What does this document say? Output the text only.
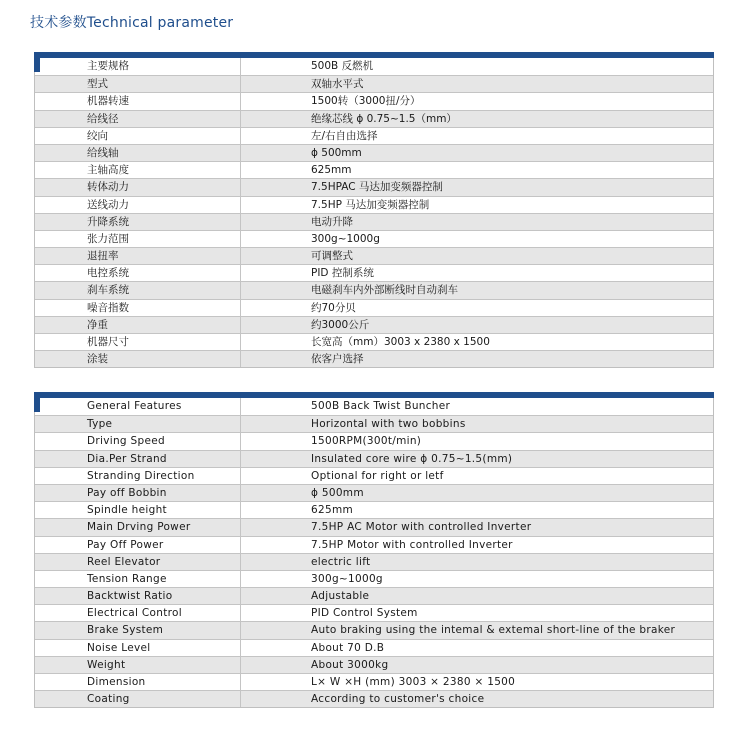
技术参数Technical parameter
主要规格	500B 反燃机
型式	双轴水平式
机器转速	1500转（3000扭/分）
给线径	绝缘芯线 ϕ 0.75~1.5（mm）
绞向	左/右自由选择
给线轴	ϕ 500mm
主轴高度	625mm
转体动力	7.5HPAC 马达加变频器控制
送线动力	7.5HP 马达加变频器控制
升降系统	电动升降
张力范围	300g~1000g
退扭率	可调整式
电控系统	PID 控制系统
刹车系统	电磁刹车内外部断线时自动刹车
噪音指数	约70分贝
净重	约3000公斤
机器尺寸	长宽高（mm）3003 x 2380 x 1500
涂装	依客户选择
General Features	500B Back Twist Buncher
Type	Horizontal with two bobbins
Driving Speed	1500RPM(300t/min)
Dia.Per Strand	Insulated core wire ϕ 0.75~1.5(mm)
Stranding Direction	Optional for right or letf
Pay off Bobbin	ϕ 500mm
Spindle height	625mm
Main Drving Power	7.5HP AC Motor with controlled Inverter
Pay Off Power	7.5HP Motor with controlled Inverter
Reel Elevator	electric lift
Tension Range	300g~1000g
Backtwist Ratio	Adjustable
Electrical Control	PID Control System
Brake System	Auto braking using the intemal & extemal short-line of the braker
Noise Level	About 70 D.B
Weight	About 3000kg
Dimension	L× W ×H (mm) 3003 × 2380 × 1500
Coating	According to customer's choice
